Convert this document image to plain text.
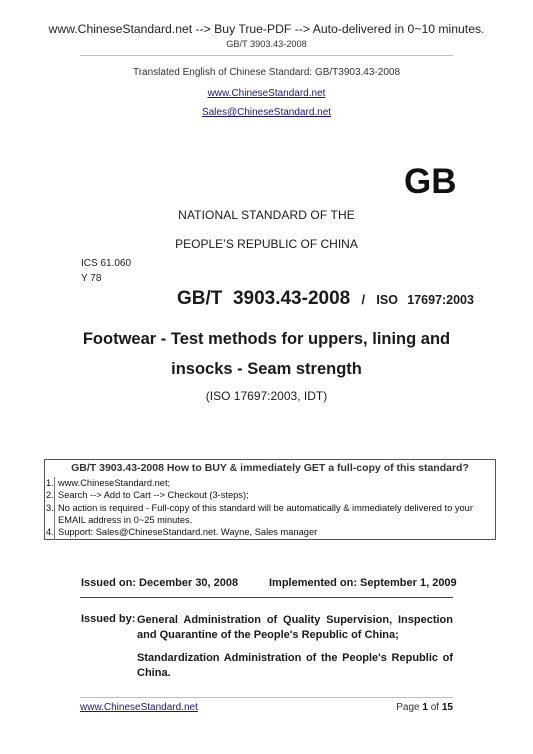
www.ChineseStandard.net --> Buy True-PDF --> Auto-delivered in 0~10 minutes.
GB/T 3903.43-2008
Translated English of Chinese Standard: GB/T3903.43-2008
www.ChineseStandard.net
Sales@ChineseStandard.net
GB
NATIONAL STANDARD OF THE
PEOPLE’S REPUBLIC OF CHINA
ICS 61.060
Y 78
GB/T  3903.43-2008 / ISO 17697:2003
Footwear - Test methods for uppers, lining and
insocks - Seam strength
(ISO 17697:2003, IDT)
GB/T 3903.43-2008 How to BUY & immediately GET a full-copy of this standard?
1. www.ChineseStandard.net;
2. Search --> Add to Cart --> Checkout (3-steps);
3. No action is required - Full-copy of this standard will be automatically & immediately delivered to your EMAIL address in 0~25 minutes.
4. Support: Sales@ChineseStandard.net. Wayne, Sales manager
Issued on: December 30, 2008	Implemented on: September 1, 2009
Issued by: General Administration of Quality Supervision, Inspection and Quarantine of the People's Republic of China;

Standardization Administration of the People's Republic of China.

www.ChineseStandard.net	Page 1 of 15
